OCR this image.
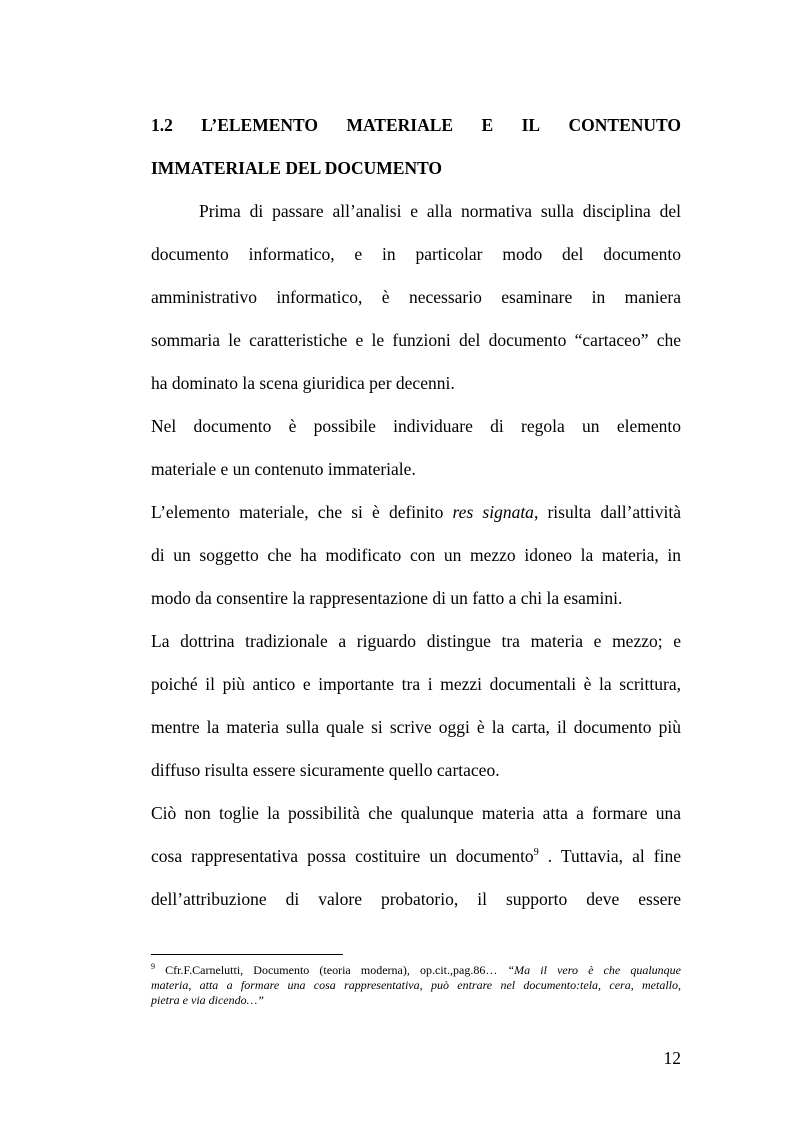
1.2 L’ELEMENTO MATERIALE E IL CONTENUTO
IMMATERIALE DEL DOCUMENTO
Prima di passare all’analisi e alla normativa sulla disciplina del
documento informatico, e in particolar modo del documento
amministrativo informatico, è necessario esaminare in maniera
sommaria le caratteristiche e le funzioni del documento “cartaceo” che
ha dominato la scena giuridica per decenni.
Nel documento è possibile individuare di regola un elemento
materiale e un contenuto immateriale.
L’elemento materiale, che si è definito res signata, risulta dall’attività
di un soggetto che ha modificato con un mezzo idoneo la materia, in
modo da consentire la rappresentazione di un fatto a chi la esamini.
La dottrina tradizionale a riguardo distingue tra materia e mezzo; e
poiché il più antico e importante tra i mezzi documentali è la scrittura,
mentre la materia sulla quale si scrive oggi è la carta, il documento più
diffuso risulta essere sicuramente quello cartaceo.
Ciò non toglie la possibilità che qualunque materia atta a formare una
cosa rappresentativa possa costituire un documento$^9$ . Tuttavia, al fine
dell’attribuzione di valore probatorio, il supporto deve essere
$^9$ Cfr.F.Carnelutti, Documento (teoria moderna), op.cit.,pag.86… “Ma il vero è che qualunque
materia, atta a formare una cosa rappresentativa, può entrare nel documento:tela, cera, metallo,
pietra e via dicendo…”
12
